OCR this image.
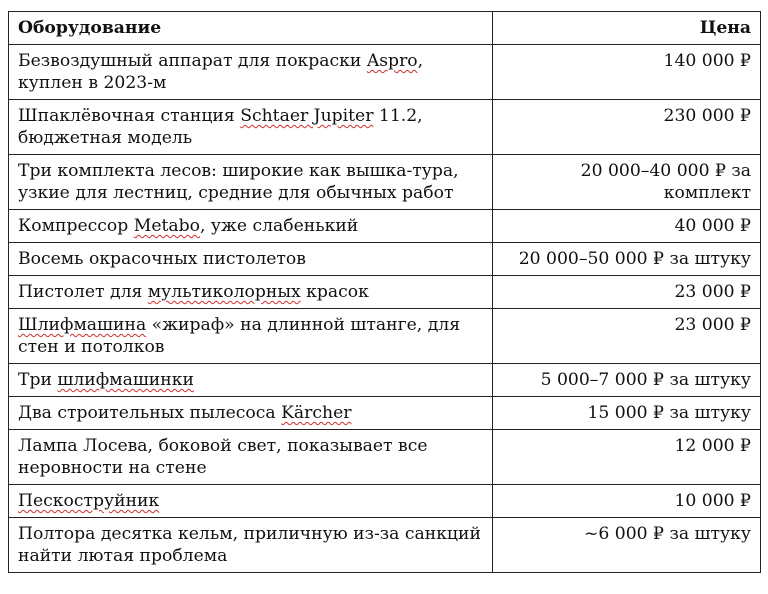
Оборудование	Цена
Безвоздушный аппарат для покраски Aspro, куплен в 2023-м	140 000 ₽
Шпаклёвочная станция Schtaer Jupiter 11.2, бюджетная модель	230 000 ₽
Три комплекта лесов: широкие как вышка-тура, узкие для лестниц, средние для обычных работ	20 000–40 000 ₽ за комплект
Компрессор Metabo, уже слабенький	40 000 ₽
Восемь окрасочных пистолетов	20 000–50 000 ₽ за штуку
Пистолет для мультиколорных красок	23 000 ₽
Шлифмашина «жираф» на длинной штанге, для стен и потолков	23 000 ₽
Три шлифмашинки	5 000–7 000 ₽ за штуку
Два строительных пылесоса Kärcher	15 000 ₽ за штуку
Лампа Лосева, боковой свет, показывает все неровности на стене	12 000 ₽
Пескоструйник	10 000 ₽
Полтора десятка кельм, приличную из-за санкций найти лютая проблема	~6 000 ₽ за штуку
